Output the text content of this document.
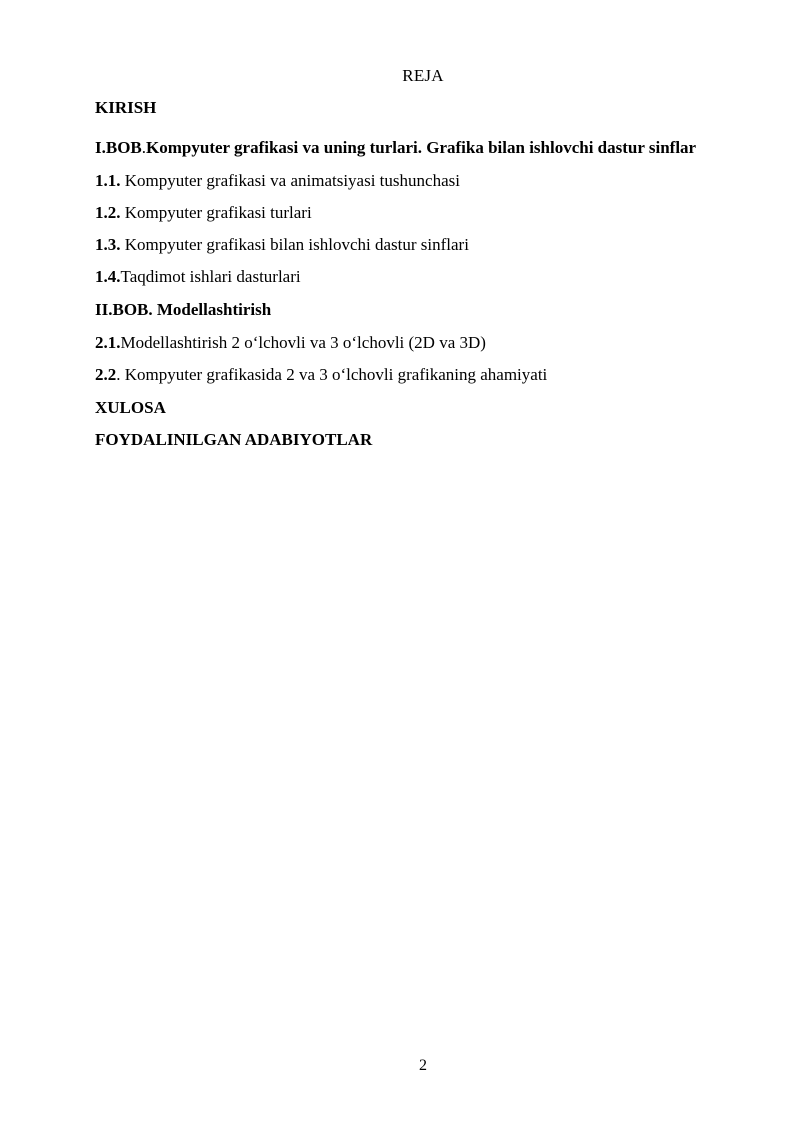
REJA
KIRISH
I.BOB.Kompyuter grafikasi va uning turlari. Grafika bilan ishlovchi dastur sinflar
1.1. Kompyuter grafikasi va animatsiyasi tushunchasi
1.2. Kompyuter grafikasi turlari
1.3. Kompyuter grafikasi bilan ishlovchi dastur sinflari
1.4.Taqdimot ishlari dasturlari
II.BOB. Modellashtirish
2.1.Modellashtirish 2 o‘lchovli va 3 o‘lchovli (2D va 3D)
2.2. Kompyuter grafikasida 2 va 3 o‘lchovli grafikaning ahamiyati
XULOSA
FOYDALINILGAN ADABIYOTLAR
2
